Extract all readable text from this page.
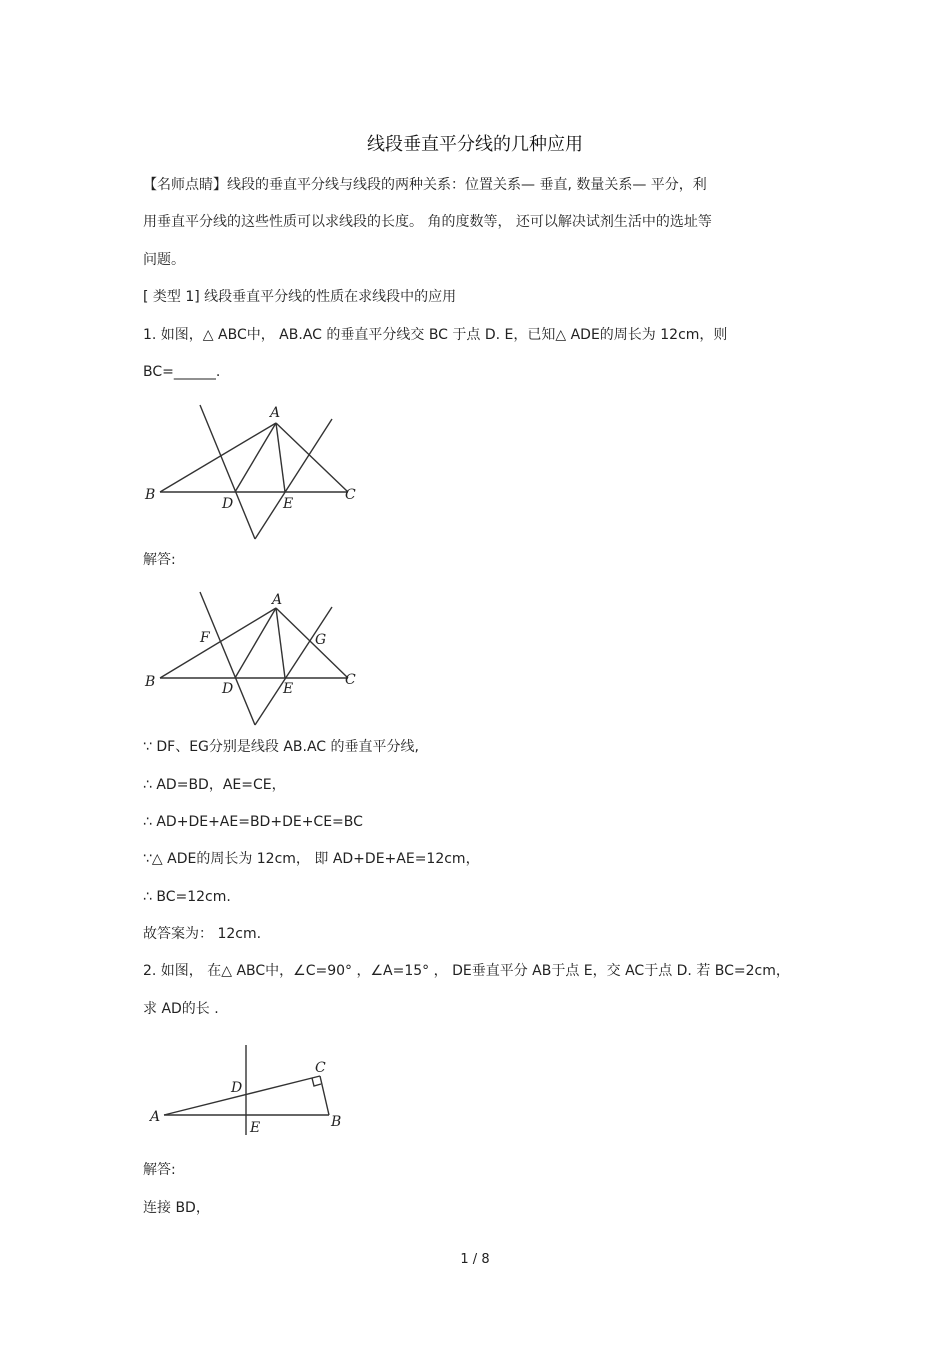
线段垂直平分线的几种应用
【名师点睛】线段的垂直平分线与线段的两种关系：位置关系— 垂直, 数量关系— 平分，利
用垂直平分线的这些性质可以求线段的长度。 角的度数等， 还可以解决试剂生活中的选址等
问题。
[ 类型 1] 线段垂直平分线的性质在求线段中的应用
1. 如图，△ ABC中， AB.AC 的垂直平分线交 BC 于点 D. E，已知△ ADE的周长为 12cm，则
BC=______.
A
B	C
D	E
解答:
A
B	C
D	E
F	G
∵ DF、EG分别是线段 AB.AC 的垂直平分线,
∴ AD=BD，AE=CE，
∴ AD+DE+AE=BD+DE+CE=BC
∵△ ADE的周长为 12cm， 即 AD+DE+AE=12cm，
∴ BC=12cm.
故答案为： 12cm.
2. 如图， 在△ ABC中，∠C=90° ，∠A=15° ， DE垂直平分 AB于点 E，交 AC于点 D. 若 BC=2cm，
求 AD的长 .
A	B
C
D
E
解答:
连接 BD，
1 / 8
